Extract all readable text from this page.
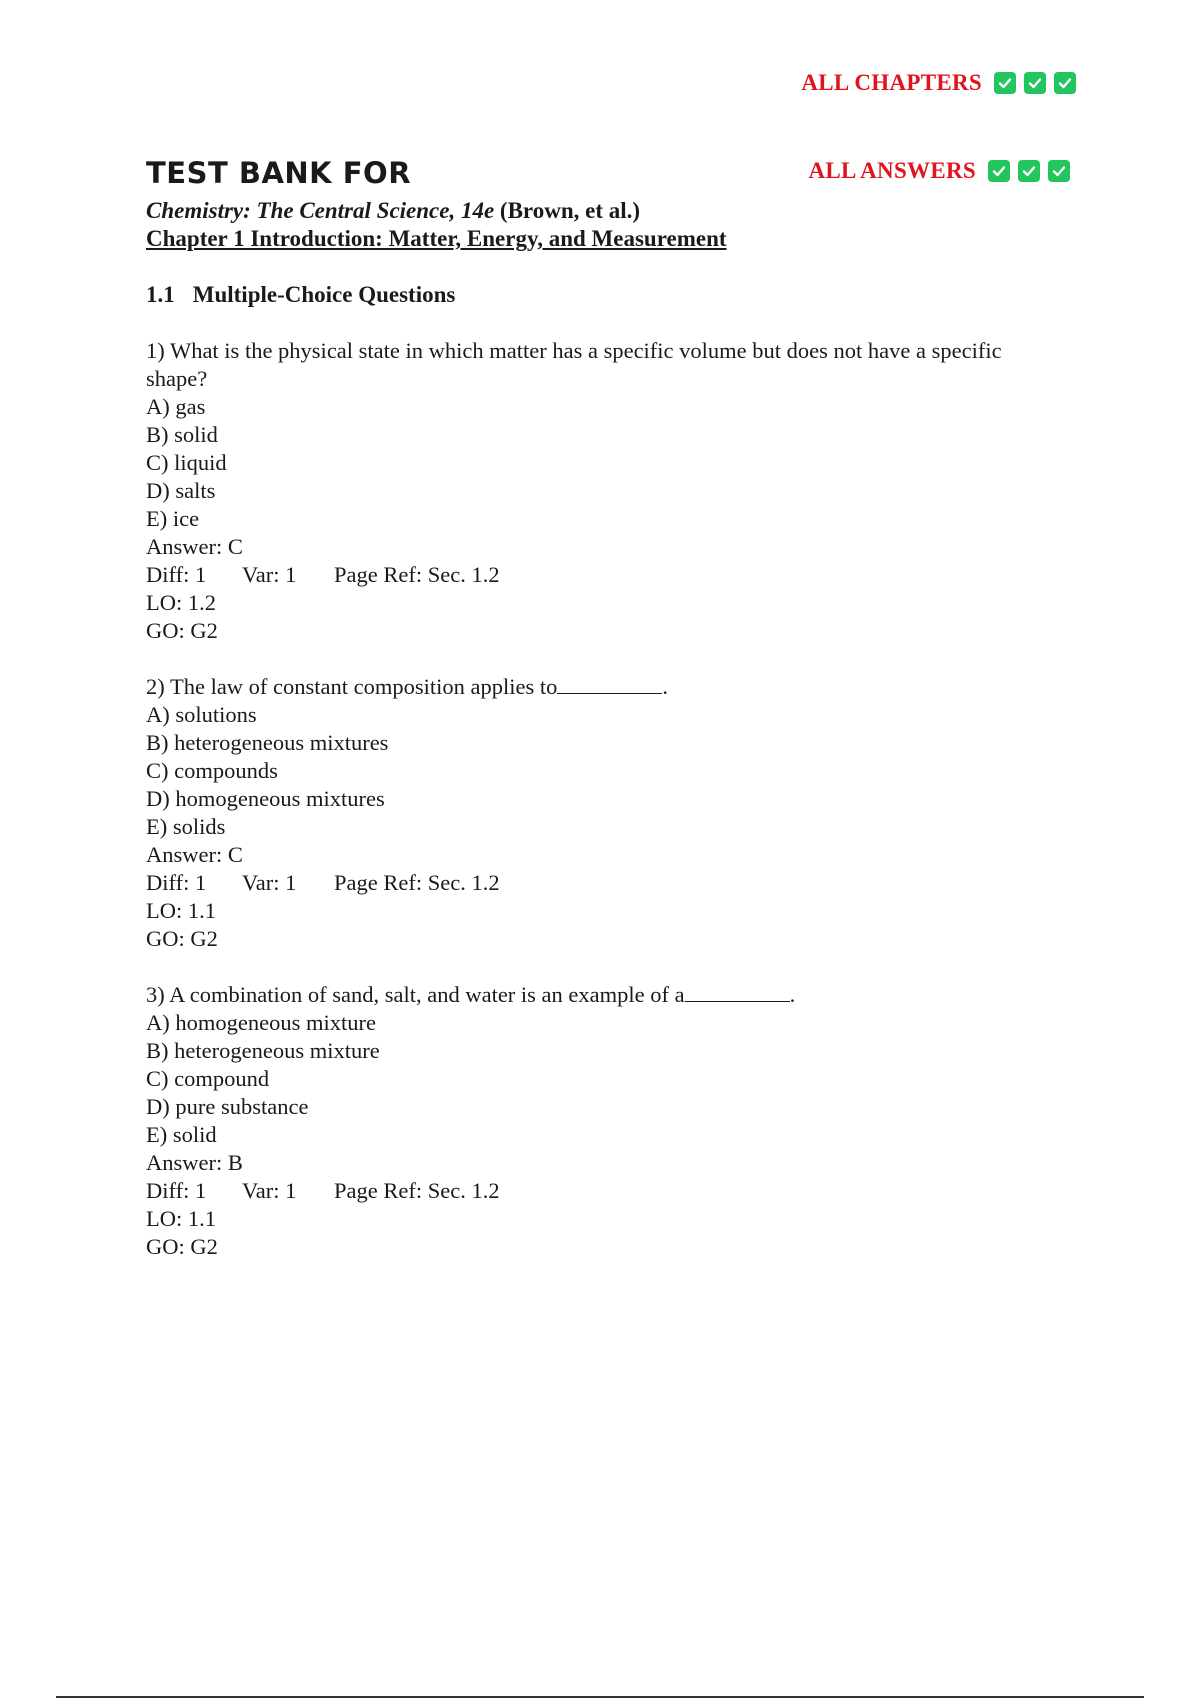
ALL CHAPTERS
ALL ANSWERS
TEST BANK FOR
Chemistry: The Central Science, 14e (Brown, et al.)
Chapter 1 Introduction: Matter, Energy, and Measurement
1.1 Multiple-Choice Questions
1) What is the physical state in which matter has a specific volume but does not have a specific
shape?
A) gas
B) solid
C) liquid
D) salts
E) ice
Answer: C
Diff: 1	Var: 1	Page Ref: Sec. 1.2
LO: 1.2
GO: G2
2) The law of constant composition applies to	.
A) solutions
B) heterogeneous mixtures
C) compounds
D) homogeneous mixtures
E) solids
Answer: C
Diff: 1	Var: 1	Page Ref: Sec. 1.2
LO: 1.1
GO: G2
3) A combination of sand, salt, and water is an example of a	.
A) homogeneous mixture
B) heterogeneous mixture
C) compound
D) pure substance
E) solid
Answer: B
Diff: 1	Var: 1	Page Ref: Sec. 1.2
LO: 1.1
GO: G2
